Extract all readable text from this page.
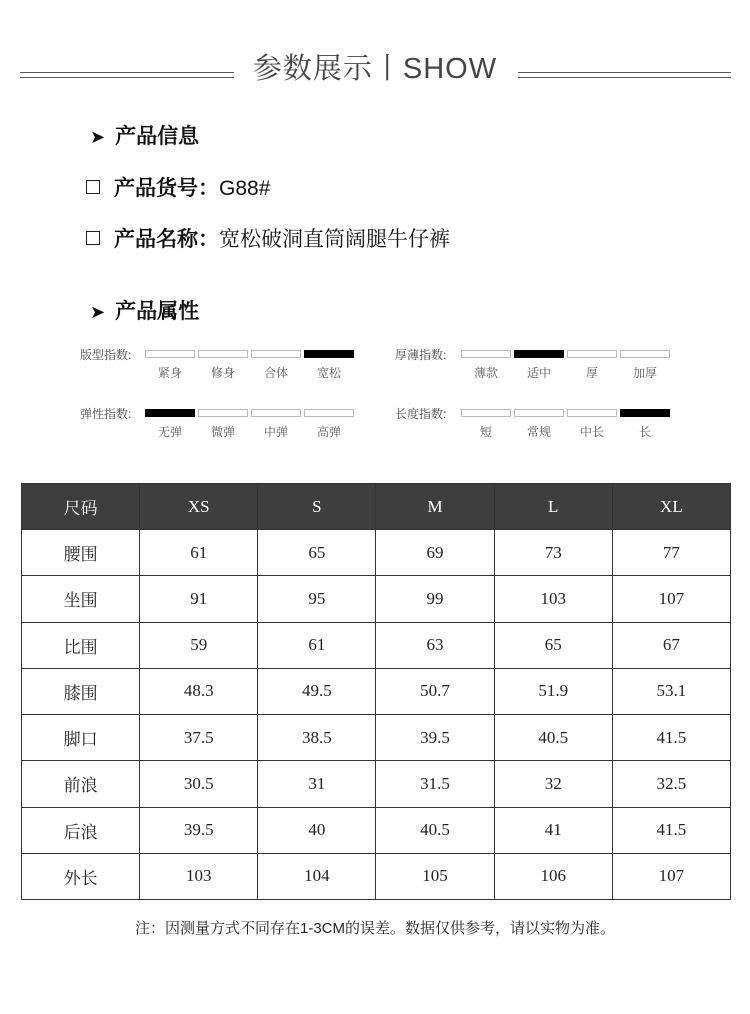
参数展示丨SHOW
➤ 产品信息
产品货号：G88#
产品名称：宽松破洞直筒阔腿牛仔裤
➤ 产品属性
版型指数:
紧身	修身	合体	宽松
厚薄指数:
薄款	适中	厚	加厚
弹性指数:
无弹	微弹	中弹	高弹
长度指数:
短	常规	中长	长
尺码	XS	S	M	L	XL
腰围	61	65	69	73	77
坐围	91	95	99	103	107
比围	59	61	63	65	67
膝围	48.3	49.5	50.7	51.9	53.1
脚口	37.5	38.5	39.5	40.5	41.5
前浪	30.5	31	31.5	32	32.5
后浪	39.5	40	40.5	41	41.5
外长	103	104	105	106	107
注：因测量方式不同存在1-3CM的误差。数据仅供参考，请以实物为准。
